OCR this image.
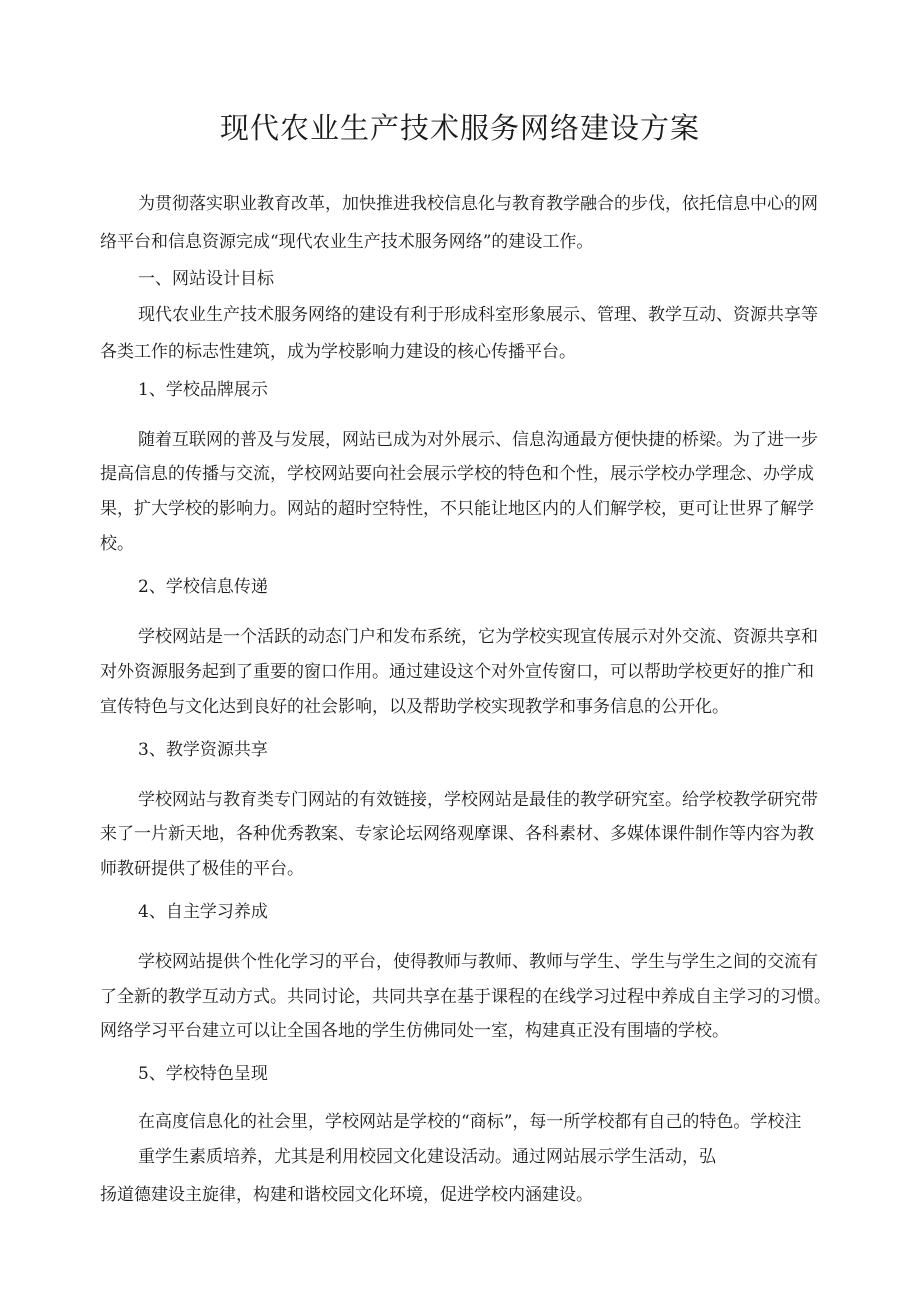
现代农业生产技术服务网络建设方案

为贯彻落实职业教育改革，加快推进我校信息化与教育教学融合的步伐，依托信息中心的网

络平台和信息资源完成“现代农业生产技术服务网络”的建设工作。

一、网站设计目标

现代农业生产技术服务网络的建设有利于形成科室形象展示、管理、教学互动、资源共享等

各类工作的标志性建筑，成为学校影响力建设的核心传播平台。

1、学校品牌展示

随着互联网的普及与发展，网站已成为对外展示、信息沟通最方便快捷的桥梁。为了进一步

提高信息的传播与交流，学校网站要向社会展示学校的特色和个性，展示学校办学理念、办学成

果，扩大学校的影响力。网站的超时空特性，不只能让地区内的人们解学校，更可让世界了解学

校。

2、学校信息传递

学校网站是一个活跃的动态门户和发布系统，它为学校实现宣传展示对外交流、资源共享和

对外资源服务起到了重要的窗口作用。通过建设这个对外宣传窗口，可以帮助学校更好的推广和

宣传特色与文化达到良好的社会影响，以及帮助学校实现教学和事务信息的公开化。

3、教学资源共享

学校网站与教育类专门网站的有效链接，学校网站是最佳的教学研究室。给学校教学研究带

来了一片新天地，各种优秀教案、专家论坛网络观摩课、各科素材、多媒体课件制作等内容为教

师教研提供了极佳的平台。

4、自主学习养成

学校网站提供个性化学习的平台，使得教师与教师、教师与学生、学生与学生之间的交流有

了全新的教学互动方式。共同讨论，共同共享在基于课程的在线学习过程中养成自主学习的习惯。

网络学习平台建立可以让全国各地的学生仿佛同处一室，构建真正没有围墙的学校。

5、学校特色呈现

在高度信息化的社会里，学校网站是学校的“商标”，每一所学校都有自己的特色。学校注

重学生素质培养，尤其是利用校园文化建设活动。通过网站展示学生活动，弘

扬道德建设主旋律，构建和谐校园文化环境，促进学校内涵建设。
